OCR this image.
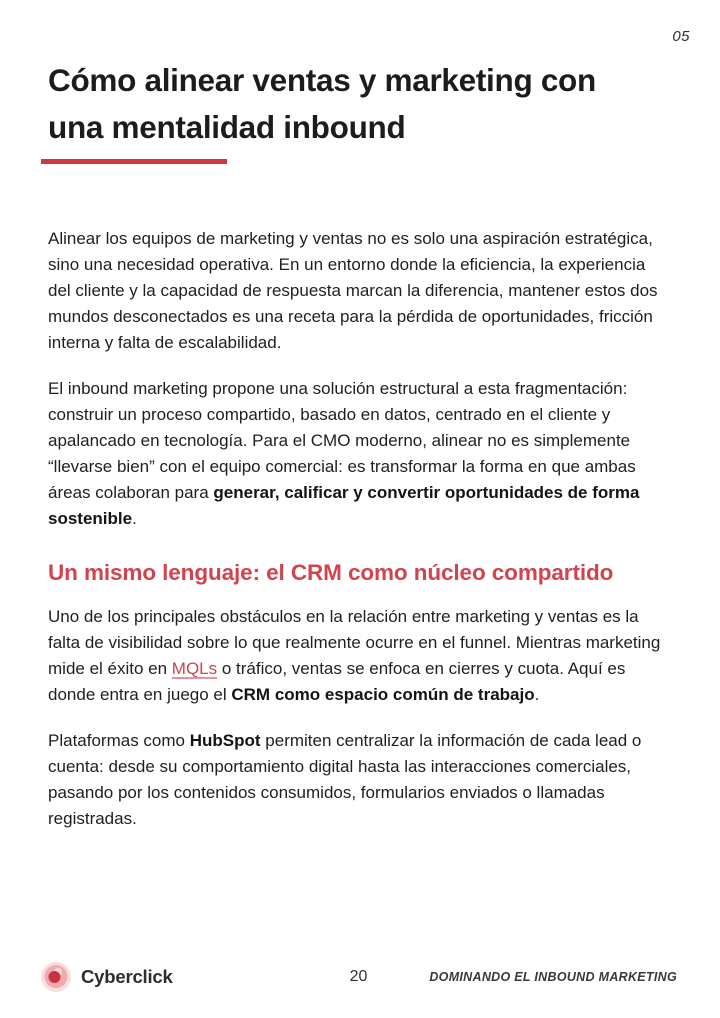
05
Cómo alinear ventas y marketing con
una mentalidad inbound

Alinear los equipos de marketing y ventas no es solo una aspiración estratégica, sino una necesidad operativa. En un entorno donde la eficiencia, la experiencia del cliente y la capacidad de respuesta marcan la diferencia, mantener estos dos mundos desconectados es una receta para la pérdida de oportunidades, fricción interna y falta de escalabilidad.

El inbound marketing propone una solución estructural a esta fragmentación: construir un proceso compartido, basado en datos, centrado en el cliente y apalancado en tecnología. Para el CMO moderno, alinear no es simplemente “llevarse bien” con el equipo comercial: es transformar la forma en que ambas áreas colaboran para generar, calificar y convertir oportunidades de forma sostenible.

Un mismo lenguaje: el CRM como núcleo compartido

Uno de los principales obstáculos en la relación entre marketing y ventas es la falta de visibilidad sobre lo que realmente ocurre en el funnel. Mientras marketing mide el éxito en MQLs o tráfico, ventas se enfoca en cierres y cuota. Aquí es donde entra en juego el CRM como espacio común de trabajo.

Plataformas como HubSpot permiten centralizar la información de cada lead o cuenta: desde su comportamiento digital hasta las interacciones comerciales, pasando por los contenidos consumidos, formularios enviados o llamadas registradas.

Cyberclick	20	DOMINANDO EL INBOUND MARKETING
